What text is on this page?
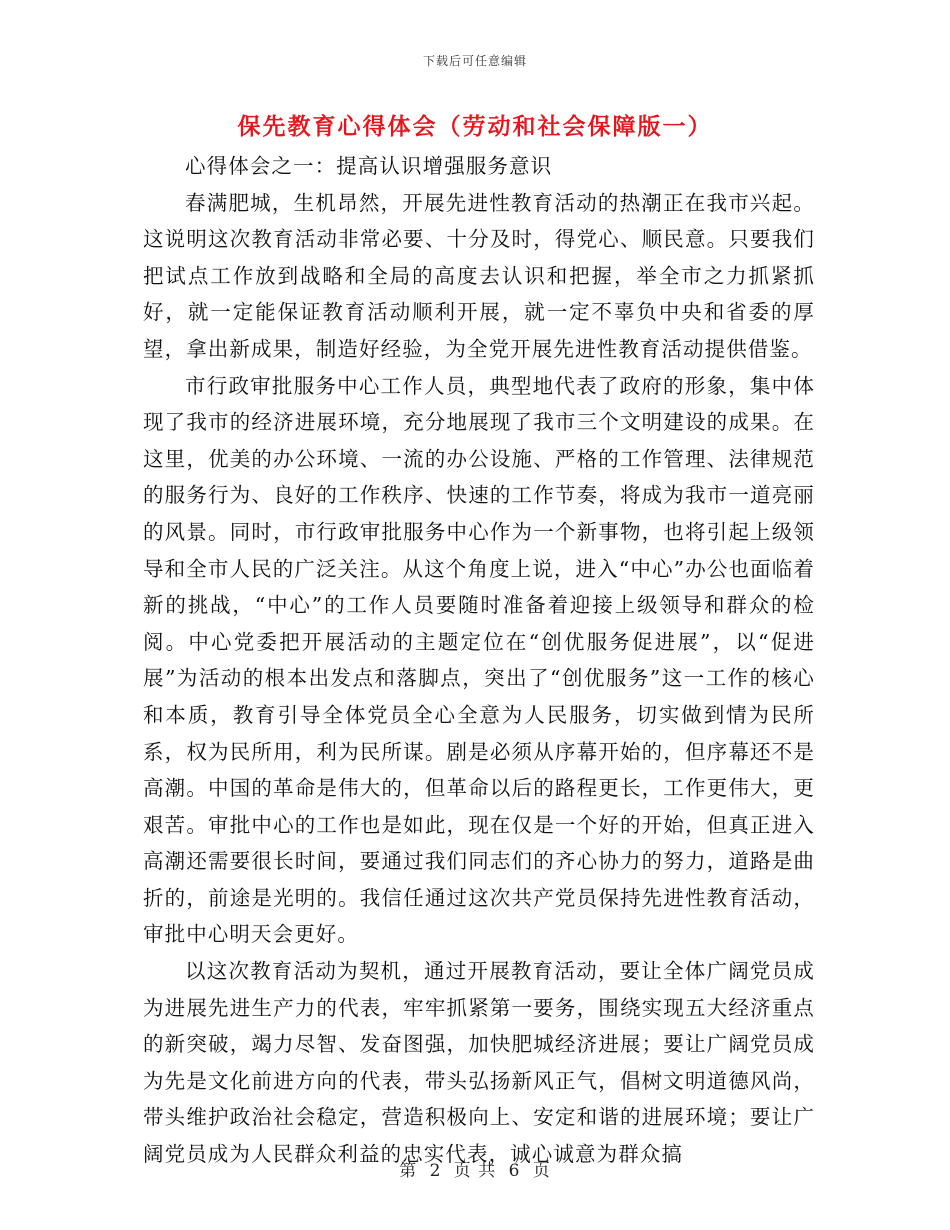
下载后可任意编辑
保先教育心得体会（劳动和社会保障版一）

心得体会之一：提高认识增强服务意识

春满肥城，生机昂然，开展先进性教育活动的热潮正在我市兴起。这说明这次教育活动非常必要、十分及时，得党心、顺民意。只要我们把试点工作放到战略和全局的高度去认识和把握，举全市之力抓紧抓好，就一定能保证教育活动顺利开展，就一定不辜负中央和省委的厚望，拿出新成果，制造好经验，为全党开展先进性教育活动提供借鉴。

市行政审批服务中心工作人员，典型地代表了政府的形象，集中体现了我市的经济进展环境，充分地展现了我市三个文明建设的成果。在这里，优美的办公环境、一流的办公设施、严格的工作管理、法律规范的服务行为、良好的工作秩序、快速的工作节奏，将成为我市一道亮丽的风景。同时，市行政审批服务中心作为一个新事物，也将引起上级领导和全市人民的广泛关注。从这个角度上说，进入“中心”办公也面临着新的挑战，“中心”的工作人员要随时准备着迎接上级领导和群众的检阅。中心党委把开展活动的主题定位在“创优服务促进展”，以“促进展”为活动的根本出发点和落脚点，突出了“创优服务”这一工作的核心和本质，教育引导全体党员全心全意为人民服务，切实做到情为民所系，权为民所用，利为民所谋。剧是必须从序幕开始的，但序幕还不是高潮。中国的革命是伟大的，但革命以后的路程更长，工作更伟大，更艰苦。审批中心的工作也是如此，现在仅是一个好的开始，但真正进入高潮还需要很长时间，要通过我们同志们的齐心协力的努力，道路是曲折的，前途是光明的。我信任通过这次共产党员保持先进性教育活动，审批中心明天会更好。

以这次教育活动为契机，通过开展教育活动，要让全体广阔党员成为进展先进生产力的代表，牢牢抓紧第一要务，围绕实现五大经济重点的新突破，竭力尽智、发奋图强，加快肥城经济进展；要让广阔党员成为先是文化前进方向的代表，带头弘扬新风正气，倡树文明道德风尚，带头维护政治社会稳定，营造积极向上、安定和谐的进展环境；要让广阔党员成为人民群众利益的忠实代表，诚心诚意为群众搞

第 2 页 共 6 页
